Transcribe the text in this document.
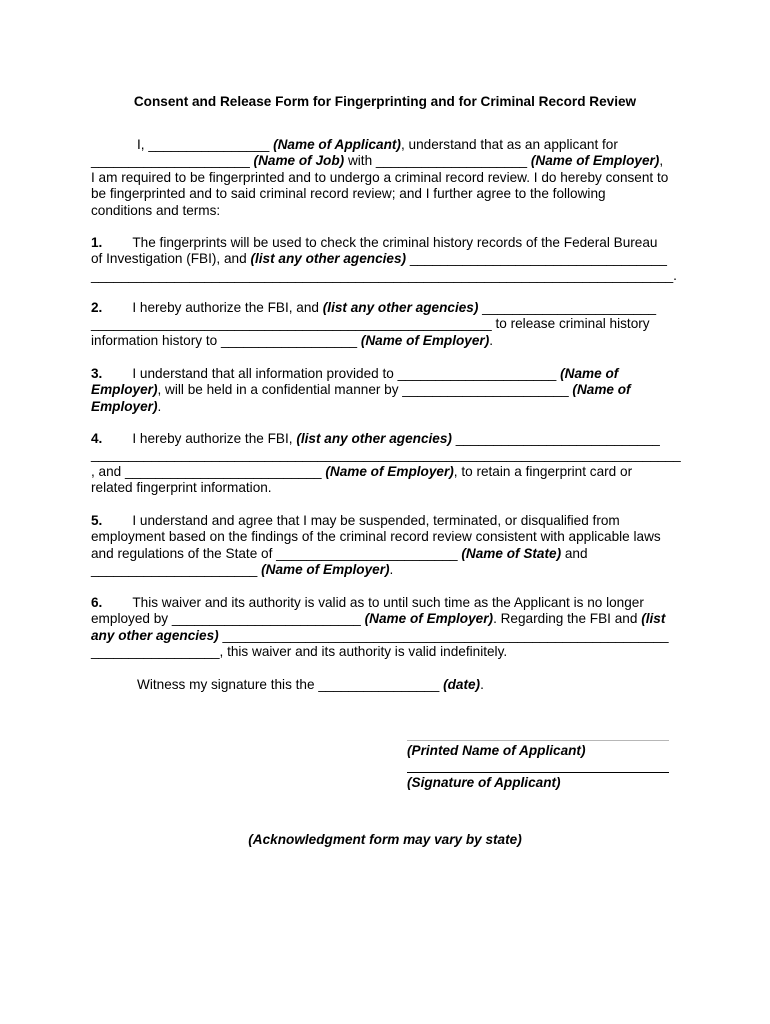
Consent and Release Form for Fingerprinting and for Criminal Record Review
I, ________________ (Name of Applicant), understand that as an applicant for
_____________________ (Name of Job) with ____________________ (Name of Employer),
I am required to be fingerprinted and to undergo a criminal record review. I do hereby consent to
be fingerprinted and to said criminal record review; and I further agree to the following
conditions and terms:
1. The fingerprints will be used to check the criminal history records of the Federal Bureau
of Investigation (FBI), and (list any other agencies) __________________________________
_____________________________________________________________________________.
2. I hereby authorize the FBI, and (list any other agencies) _______________________
_____________________________________________________ to release criminal history
information history to __________________ (Name of Employer).
3. I understand that all information provided to _____________________ (Name of
Employer), will be held in a confidential manner by ______________________ (Name of
Employer).
4. I hereby authorize the FBI, (list any other agencies) ___________________________
______________________________________________________________________________
, and __________________________ (Name of Employer), to retain a fingerprint card or
related fingerprint information.
5. I understand and agree that I may be suspended, terminated, or disqualified from
employment based on the findings of the criminal record review consistent with applicable laws
and regulations of the State of ________________________ (Name of State) and
______________________ (Name of Employer).
6. This waiver and its authority is valid as to until such time as the Applicant is no longer
employed by _________________________ (Name of Employer). Regarding the FBI and (list
any other agencies) ___________________________________________________________
_________________, this waiver and its authority is valid indefinitely.
Witness my signature this the ________________ (date).
(Printed Name of Applicant)
(Signature of Applicant)
(Acknowledgment form may vary by state)
